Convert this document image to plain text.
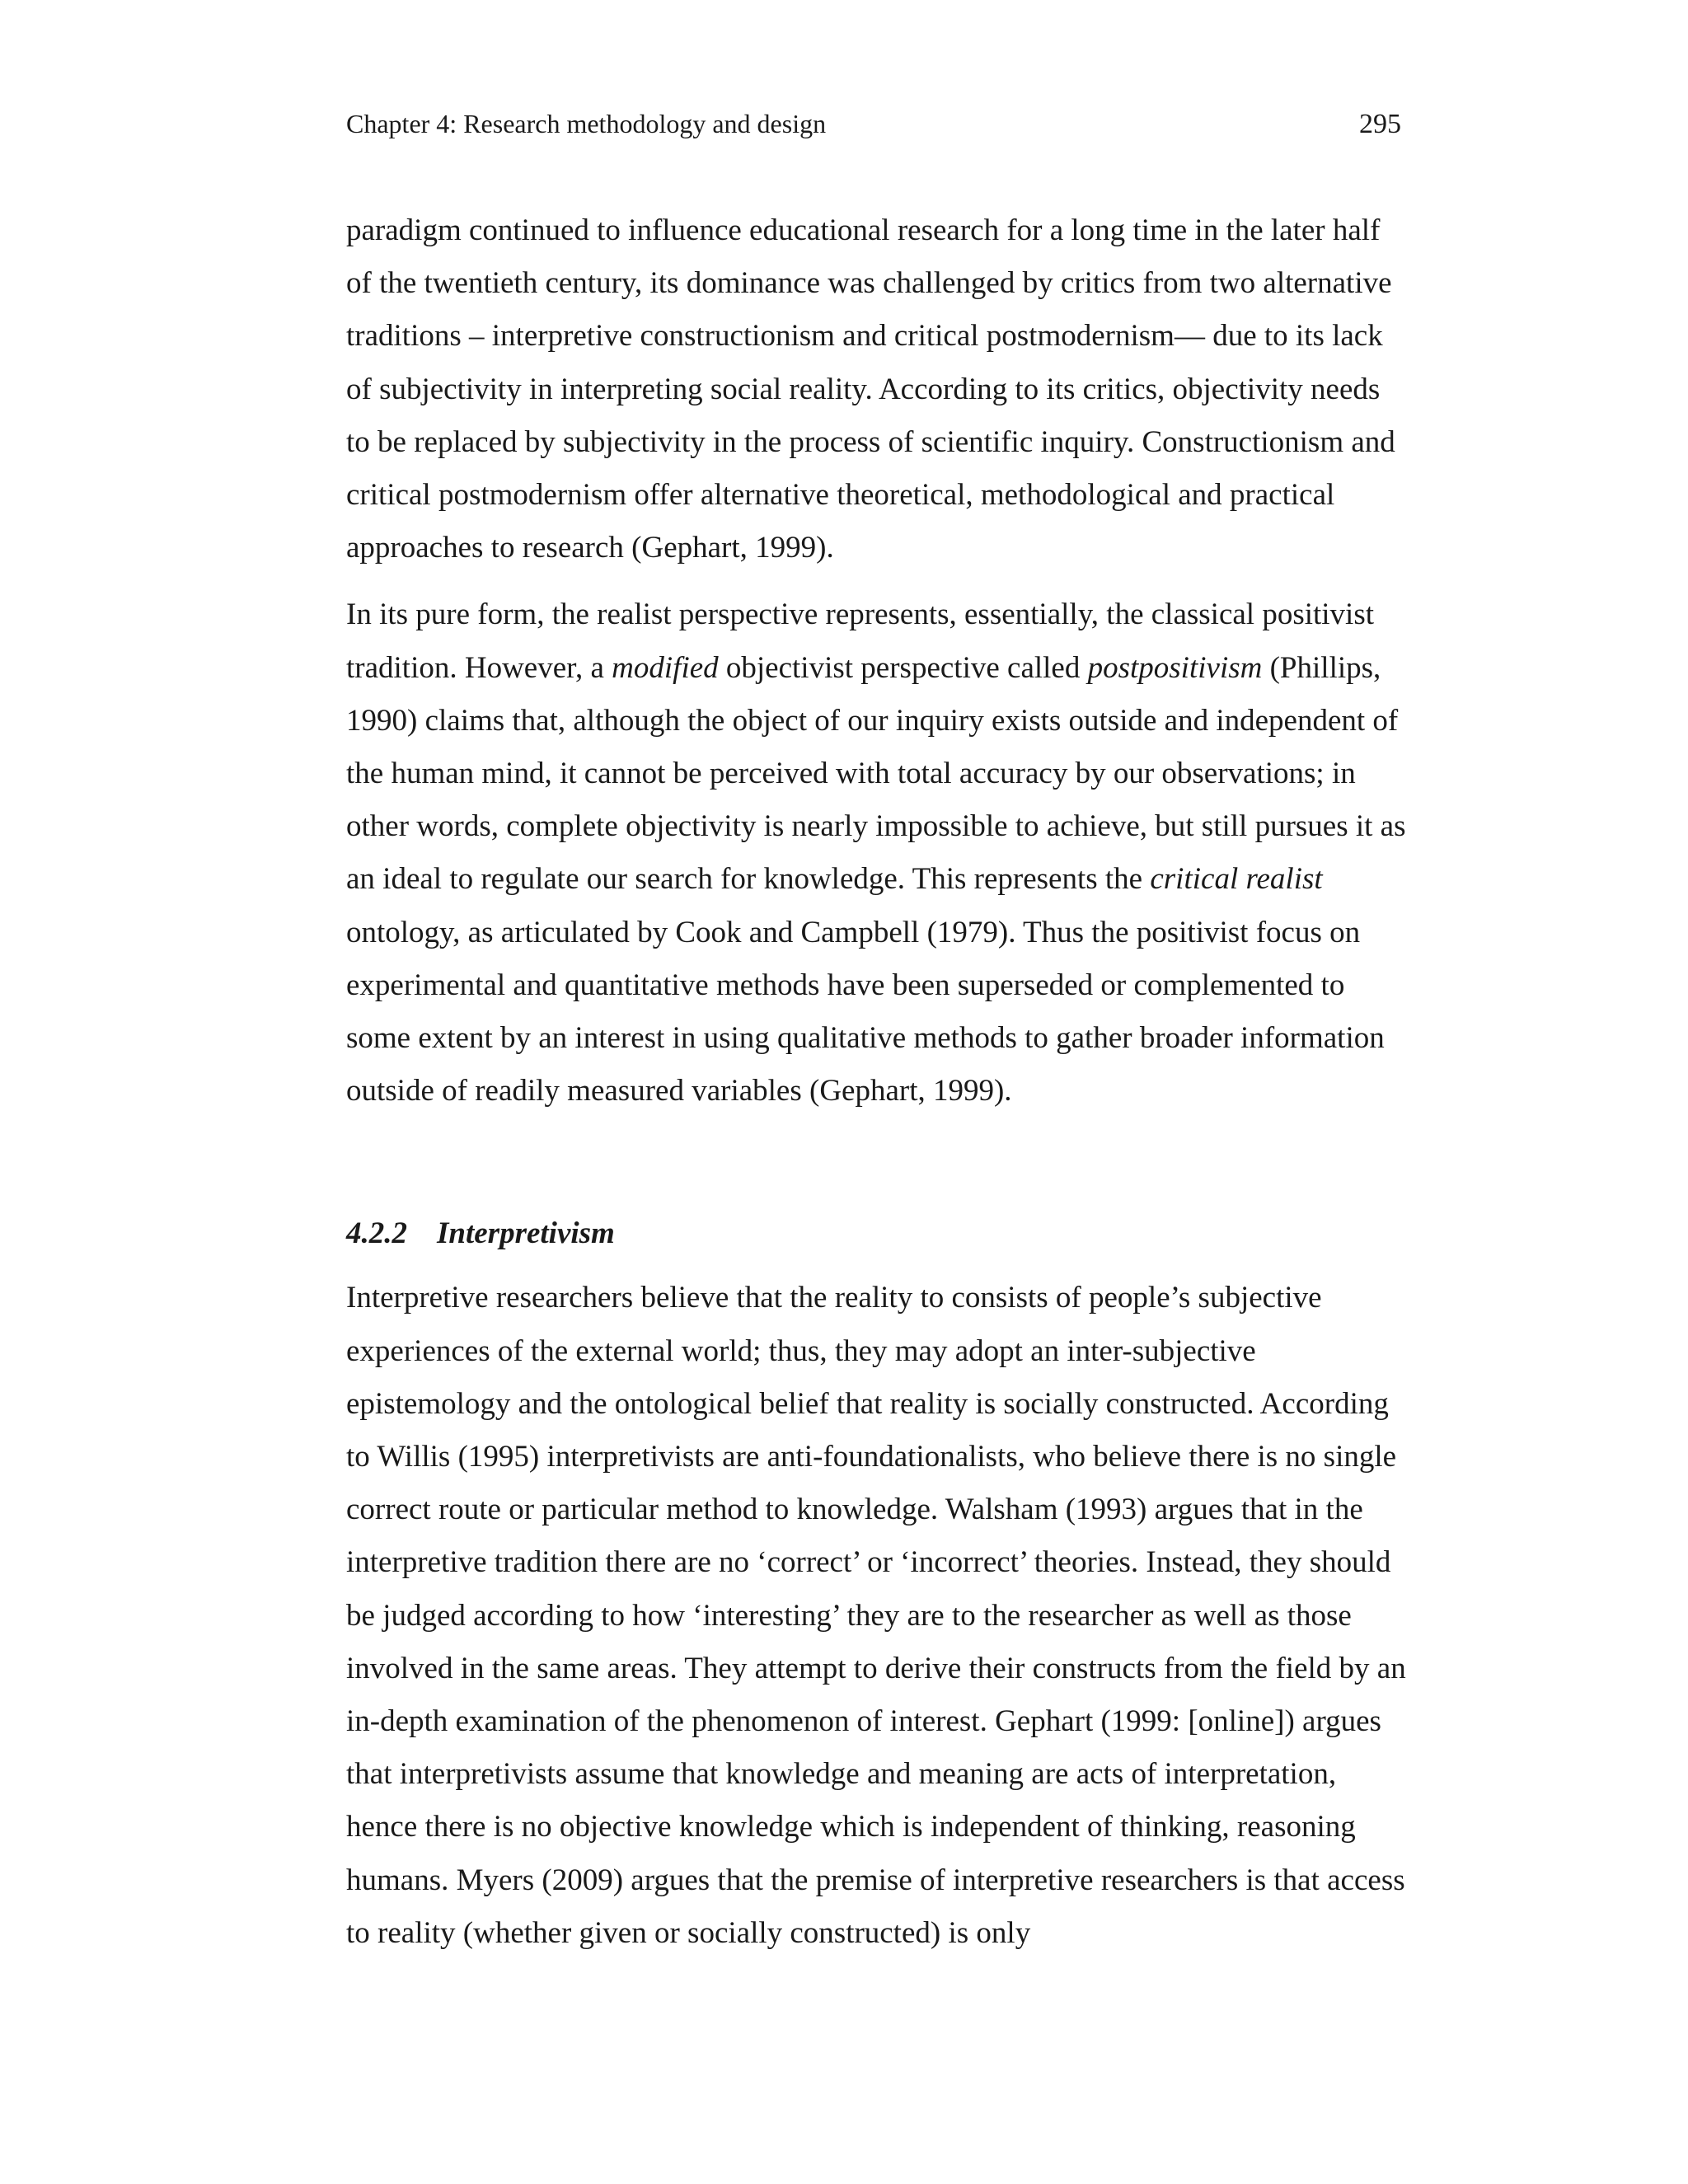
Chapter 4: Research methodology and design	295

paradigm continued to influence educational research for a long time in the later half of the twentieth century, its dominance was challenged by critics from two alternative traditions – interpretive constructionism and critical postmodernism— due to its lack of subjectivity in interpreting social reality. According to its critics, objectivity needs to be replaced by subjectivity in the process of scientific inquiry. Constructionism and critical postmodernism offer alternative theoretical, methodological and practical approaches to research (Gephart, 1999).

In its pure form, the realist perspective represents, essentially, the classical positivist tradition. However, a modified objectivist perspective called postpositivism (Phillips, 1990) claims that, although the object of our inquiry exists outside and independent of the human mind, it cannot be perceived with total accuracy by our observations; in other words, complete objectivity is nearly impossible to achieve, but still pursues it as an ideal to regulate our search for knowledge. This represents the critical realist ontology, as articulated by Cook and Campbell (1979). Thus the positivist focus on experimental and quantitative methods have been superseded or complemented to some extent by an interest in using qualitative methods to gather broader information outside of readily measured variables (Gephart, 1999).

4.2.2 Interpretivism

Interpretive researchers believe that the reality to consists of people’s subjective experiences of the external world; thus, they may adopt an inter-subjective epistemology and the ontological belief that reality is socially constructed. According to Willis (1995) interpretivists are anti-foundationalists, who believe there is no single correct route or particular method to knowledge. Walsham (1993) argues that in the interpretive tradition there are no ‘correct’ or ‘incorrect’ theories. Instead, they should be judged according to how ‘interesting’ they are to the researcher as well as those involved in the same areas. They attempt to derive their constructs from the field by an in-depth examination of the phenomenon of interest. Gephart (1999: [online]) argues that interpretivists assume that knowledge and meaning are acts of interpretation, hence there is no objective knowledge which is independent of thinking, reasoning humans. Myers (2009) argues that the premise of interpretive researchers is that access to reality (whether given or socially constructed) is only
